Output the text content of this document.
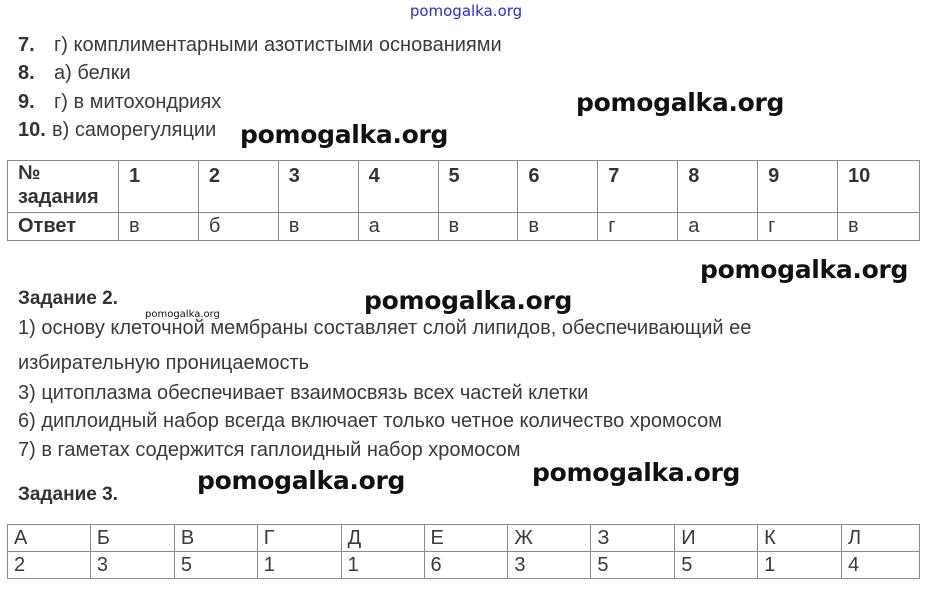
pomogalka.org
7. г) комплиментарными азотистыми основаниями
8. а) белки
9. г) в митохондриях
10. в) саморегуляции
pomogalka.org
pomogalka.org
№
задания	1	2	3	4	5	6	7	8	9	10
Ответ	в	б	в	а	в	в	г	а	г	в
pomogalka.org
pomogalka.org
pomogalka.org
Задание 2.
1) основу клеточной мембраны составляет слой липидов, обеспечивающий ее
избирательную проницаемость
3) цитоплазма обеспечивает взаимосвязь всех частей клетки
6) диплоидный набор всегда включает только четное количество хромосом
7) в гаметах содержится гаплоидный набор хромосом
pomogalka.org
pomogalka.org
Задание 3.
А	Б	В	Г	Д	Е	Ж	З	И	К	Л
2	3	5	1	1	6	3	5	5	1	4
